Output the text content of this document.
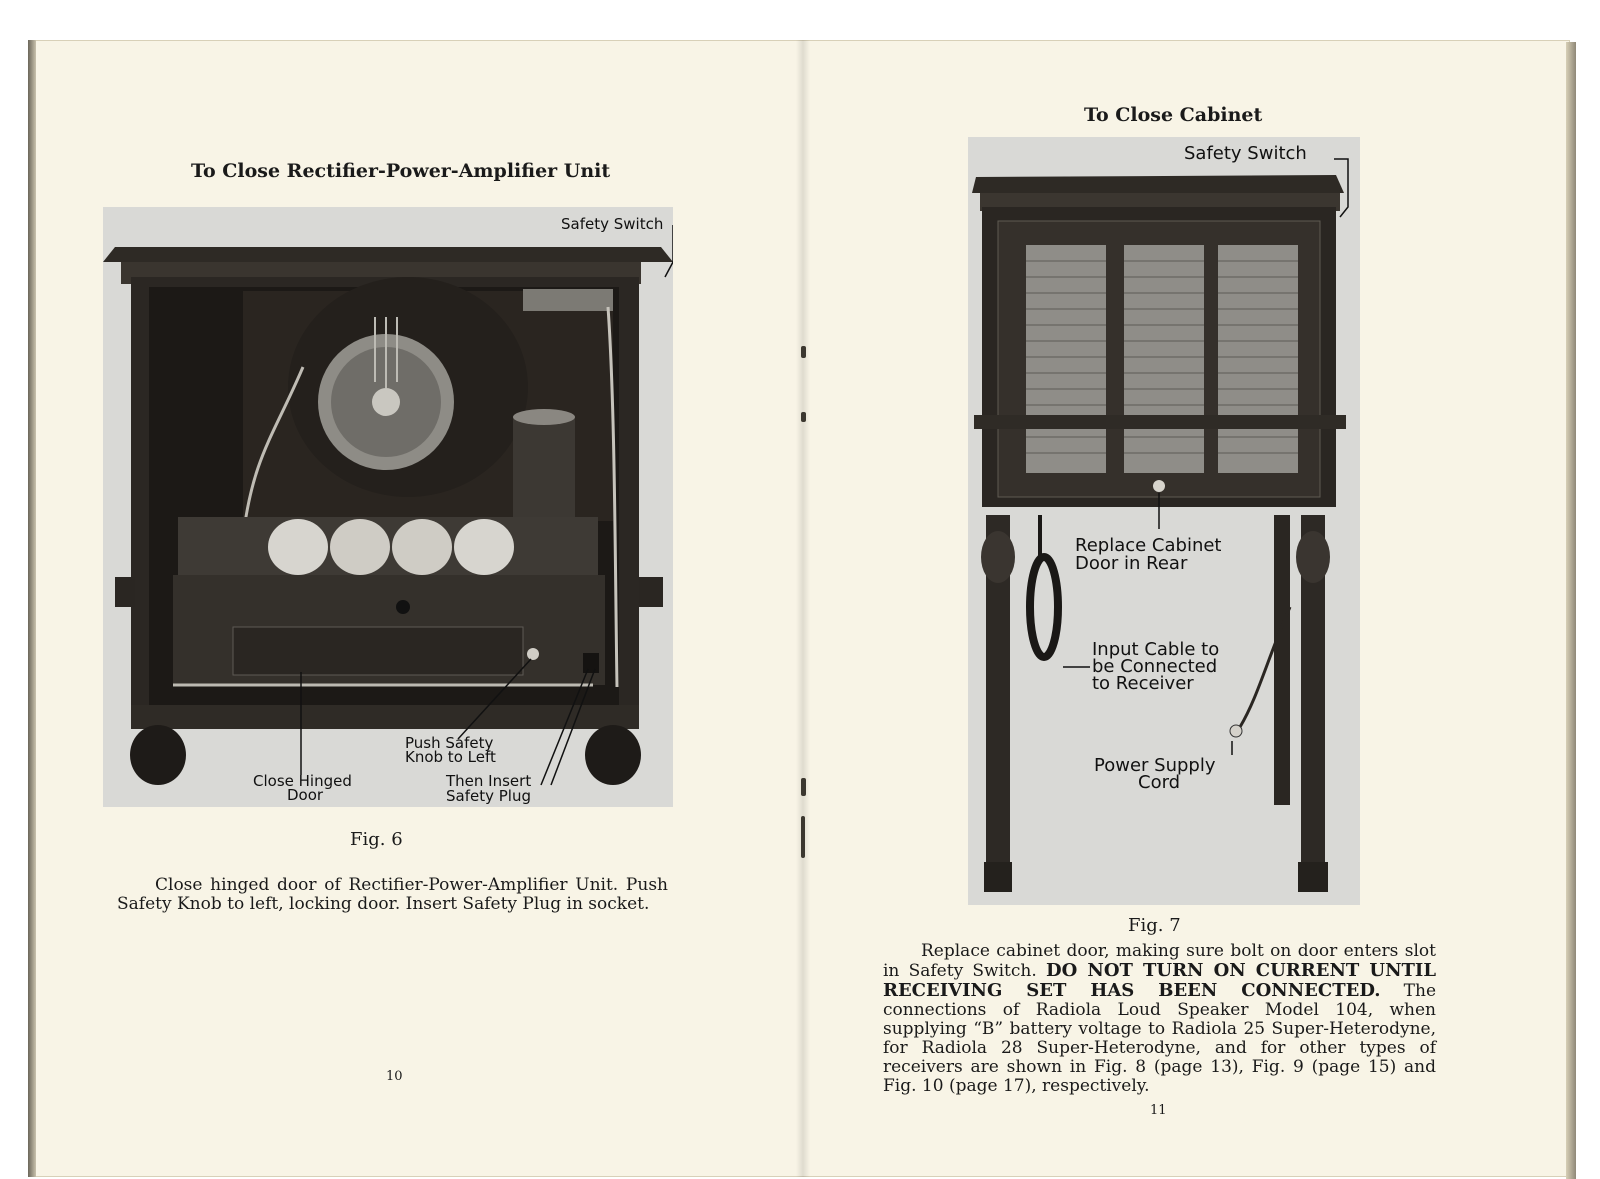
To Close Rectifier-Power-Amplifier Unit
Safety Switch
Close Hinged
Door
Push Safety
Knob to Left
Then Insert
Safety Plug
Fig. 6

Close hinged door of Rectifier-Power-Amplifier Unit. Push Safety Knob to left, locking door. Insert Safety Plug in socket.

10
To Close Cabinet
Safety Switch
Replace Cabinet
Door in Rear
Input Cable to
be Connected
to Receiver
Power Supply
Cord
Fig. 7

Replace cabinet door, making sure bolt on door enters slot in Safety Switch. DO NOT TURN ON CURRENT UNTIL RECEIVING SET HAS BEEN CONNECTED. The connections of Radiola Loud Speaker Model 104, when supplying “B” battery voltage to Radiola 25 Super-Heterodyne, for Radiola 28 Super-Heterodyne, and for other types of receivers are shown in Fig. 8 (page 13), Fig. 9 (page 15) and Fig. 10 (page 17), respectively.

11
